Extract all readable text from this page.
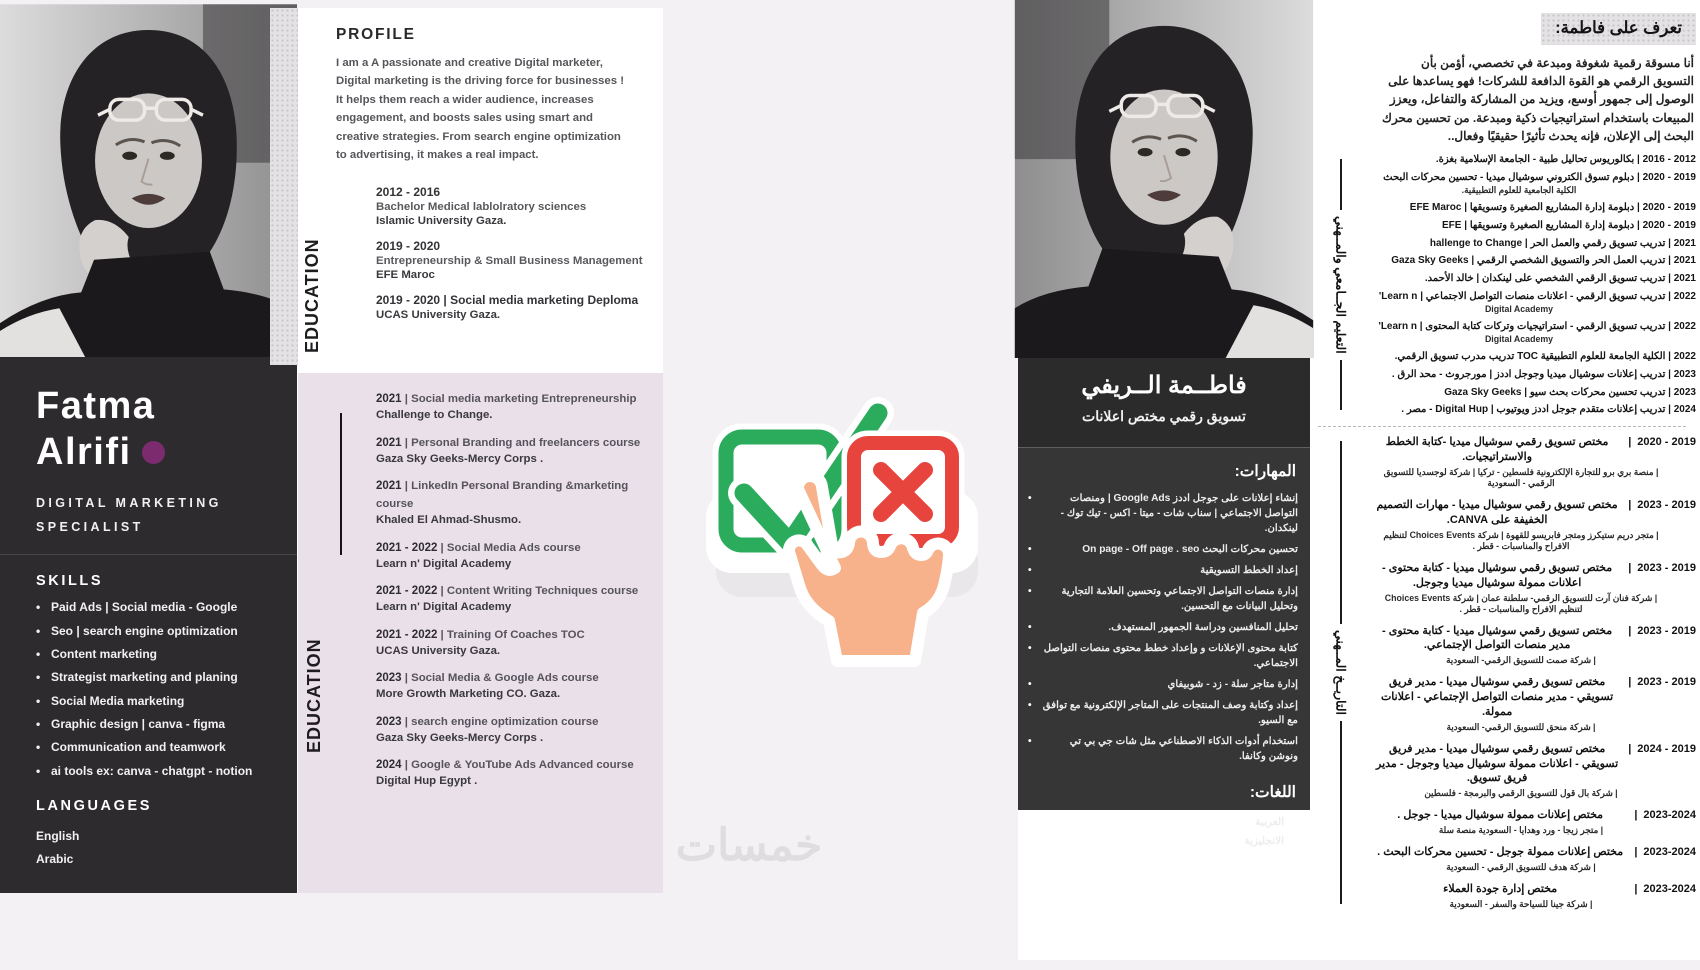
Fatma
Alrifi
DIGITAL MARKETING SPECIALIST
SKILLS
• Paid Ads | Social media - Google
• Seo | search engine optimization
• Content marketing
• Strategist marketing and planing
• Social Media marketing
• Graphic design | canva - figma
• Communication and teamwork
• ai tools ex: canva - chatgpt - notion
LANGUAGES
English
Arabic
PROFILE
I am a A passionate and creative Digital marketer, Digital marketing is the driving force for businesses ! It helps them reach a wider audience, increases engagement, and boosts sales using smart and creative strategies. From search engine optimization to advertising, it makes a real impact.
EDUCATION
2012 - 2016
Bachelor Medical lablolratory sciences
Islamic University Gaza.
2019 - 2020
Entrepreneurship & Small Business Management
EFE Maroc
2019 - 2020 | Social media marketing Deploma
UCAS University Gaza.
EDUCATION

2021 | Social media marketing Entrepreneurship

Challenge to Change.

2021 | Personal Branding and freelancers course

Gaza Sky Geeks-Mercy Corps .

2021 | LinkedIn Personal Branding &marketing course

Khaled El Ahmad-Shusmo.

2021 - 2022 | Social Media Ads course

Learn n' Digital Academy

2021 - 2022 | Content Writing Techniques course

Learn n' Digital Academy

2021 - 2022 | Training Of Coaches TOC

UCAS University Gaza.

2023 | Social Media & Google Ads course

More Growth Marketing CO. Gaza.

2023 | search engine optimization course

Gaza Sky Geeks-Mercy Corps .

2024 | Google & YouTube Ads Advanced course

Digital Hup Egypt .
خمسات
فاطــمة الــريفي
تسويق رقمي مختص اعلانات
المهارات:
• إنشاء إعلانات على جوجل اددز Google Ads | ومنصات التواصل الاجتماعي | سناب شات - ميتا - اكس - تيك توك - لينكدان.
• تحسين محركات البحث On page - Off page . seo
• إعداد الخطط التسويقية
• إدارة منصات التواصل الاجتماعي وتحسين العلامة التجارية وتحليل البيانات مع التحسين.
• تحليل المنافسين ودراسة الجمهور المستهدف.
• كتابة محتوى الإعلانات و وإعداد خطط محتوى منصات التواصل الاجتماعي.
• إدارة متاجر سلة - زد - شوبيفاي
• إعداد وكتابة وصف المنتجات على المتاجر الإلكترونية مع توافق مع السيو.
• استخدام أدوات الذكاء الاصطناعي مثل شات جي بي تي ونوشن وكانفا.
اللغات:
العربية
الانجليزية
تعرف على فاطمة:
أنا مسوقة رقمية شغوفة ومبدعة في تخصصي، أؤمن بأن التسويق الرقمي هو القوة الدافعة للشركات! فهو يساعدها على الوصول إلى جمهور أوسع، ويزيد من المشاركة والتفاعل، ويعزز المبيعات باستخدام استراتيجيات ذكية ومبدعة. من تحسين محرك البحث إلى الإعلان، فإنه يحدث تأثيرًا حقيقيًا وفعال..
التعليم الجــامعي والمــهني
2016 - 2012 | بكالوريوس تحاليل طبية - الجامعة الإسلامية بغزة.
2020 - 2019 | دبلوم تسوق الكتروني سوشيال ميديا - تحسين محركات البحث
الكلية الجامعية للعلوم التطبيقية.
2020 - 2019 | دبلومة إدارة المشاريع الصغيرة وتسويقها | EFE Maroc
2020 - 2019 | دبلومة إدارة المشاريع الصغيرة وتسويقها | EFE
2021 | تدريب تسويق رقمي والعمل الحر | hallenge to Change
2021 | تدريب العمل الحر والتسويق الشخصي الرقمي | Gaza Sky Geeks
2021 | تدريب تسويق الرقمي الشخصي على لينكدان | خالد الأحمد.
2022 | تدريب تسويق الرقمي - اعلانات منصات التواصل الاجتماعي | Learn n'
Digital Academy
2022 | تدريب تسويق الرقمي - استراتيجيات وتركات كتابة المحتوى | Learn n'
Digital Academy
2022 | الكلية الجامعة للعلوم التطبيقية TOC تدريب مدرب تسويق الرقمي.
2023 | تدريب إعلانات سوشيال ميديا وجوجل اددز | مورجروث - محد الرق .
2023 | تدريب تحسين محركات بحث سيو | Gaza Sky Geeks
2024 | تدريب إعلانات متقدم جوجل اددز ويوتيوب | Digital Hup - مصر .
التاريــخ المــهني
2020 - 2019
|
مختص تسويق رقمي سوشيال ميديا -كتابة الخطط والاستراتيجيات.
| منصة بري برو للتجارة الإلكترونية فلسطين - تركيا | شركة لوجسديا للتسويق الرقمي - السعودية
2023 - 2019
|
مختص تسويق رقمي سوشيال ميديا - مهارات التصميم الخفيفة على CANVA.
| متجر دريم ستيكرز ومتجر فابريسو للقهوة | شركة Choices Events لتنظيم الافراح والمناسبات - قطر .
2023 - 2019
|
مختص تسويق رقمي سوشيال ميديا - كتابة محتوى - اعلانات ممولة سوشيال ميديا وجوجل.
| شركة فنان آرت للتسويق الرقمي- سلطنة عمان | شركة Choices Events لتنظيم الافراح والمناسبات - قطر .
2023 - 2019
|
مختص تسويق رقمي سوشيال ميديا - كتابة محتوى - مدير منصات التواصل الإجتماعي.
| شركة صمت للتسويق الرقمي- السعودية
2023 - 2019
|
مختص تسويق رقمي سوشيال ميديا - مدير فريق تسويقي - مدير منصات التواصل الإجتماعي - اعلانات ممولة.
| شركة منحق للتسويق الرقمي- السعودية
2024 - 2019
|
مختص تسويق رقمي سوشيال ميديا - مدير فريق تسويقي - اعلانات ممولة سوشيال ميديا وجوجل - مدير فريق تسويق.
| شركة بال قول للتسويق الرقمي والبرمجة - فلسطين
2023-2024
|
مختص إعلانات ممولة سوشيال ميديا - جوجل .
| متجر زيجا - ورد وهدايا - السعودية منصة سلة
2023-2024
|
مختص إعلانات ممولة جوجل - تحسين محركات البحث .
| شركة هدف للتسويق الرقمي - السعودية
2023-2024
|
مختص إدارة جودة العملاء
| شركة جينا للسياحة والسفر - السعودية
